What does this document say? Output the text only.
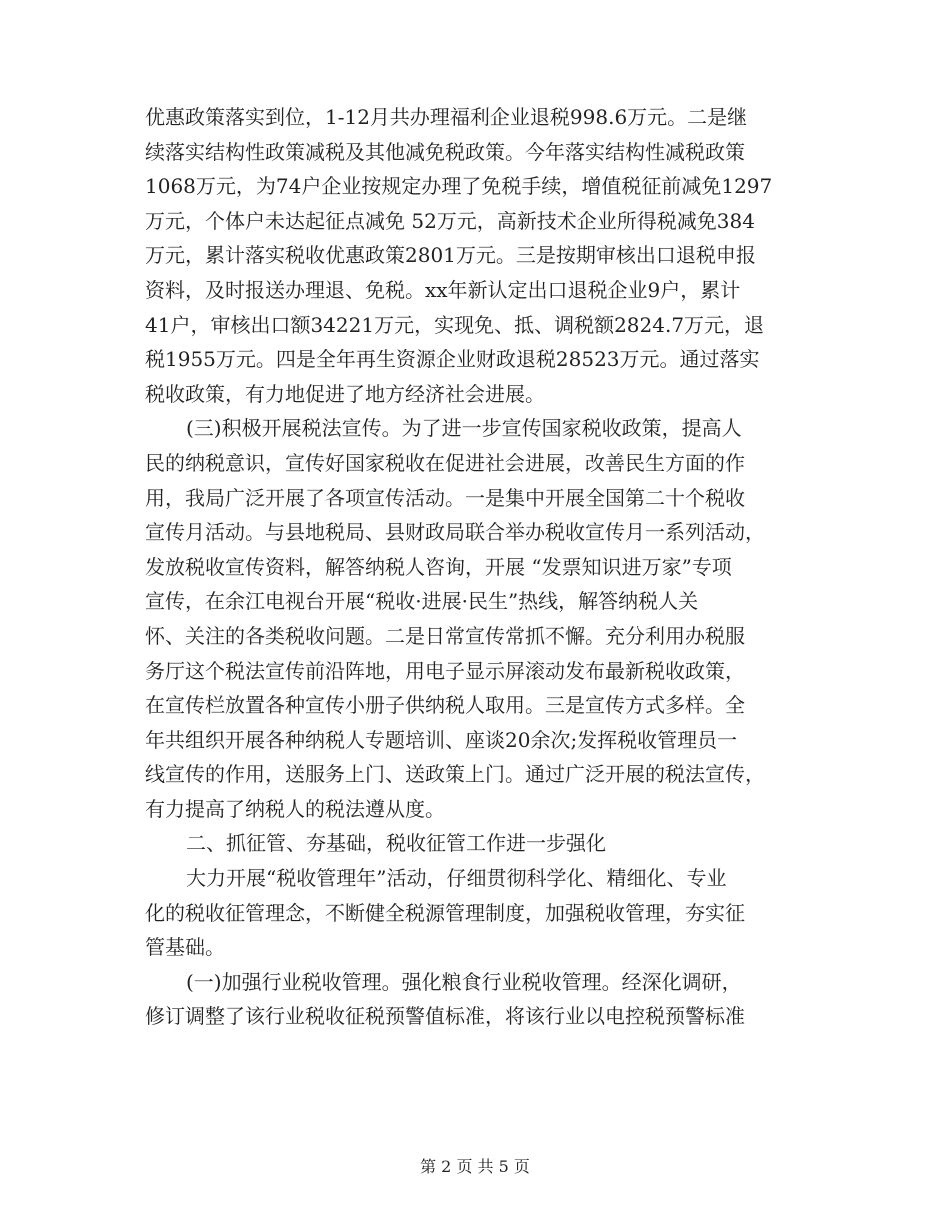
优惠政策落实到位，1-12月共办理福利企业退税998.6万元。二是继
续落实结构性政策减税及其他减免税政策。今年落实结构性减税政策
1068万元，为74户企业按规定办理了免税手续，增值税征前减免1297
万元，个体户未达起征点减免 52万元，高新技术企业所得税减免384
万元，累计落实税收优惠政策2801万元。三是按期审核出口退税申报
资料，及时报送办理退、免税。xx年新认定出口退税企业9户，累计
41户，审核出口额34221万元，实现免、抵、调税额2824.7万元，退
税1955万元。四是全年再生资源企业财政退税28523万元。通过落实
税收政策，有力地促进了地方经济社会进展。
(三)积极开展税法宣传。为了进一步宣传国家税收政策，提高人
民的纳税意识，宣传好国家税收在促进社会进展，改善民生方面的作
用，我局广泛开展了各项宣传活动。一是集中开展全国第二十个税收
宣传月活动。与县地税局、县财政局联合举办税收宣传月一系列活动，
发放税收宣传资料，解答纳税人咨询，开展 “发票知识进万家”专项
宣传，在余江电视台开展“税收·进展·民生”热线，解答纳税人关
怀、关注的各类税收问题。二是日常宣传常抓不懈。充分利用办税服
务厅这个税法宣传前沿阵地，用电子显示屏滚动发布最新税收政策，
在宣传栏放置各种宣传小册子供纳税人取用。三是宣传方式多样。全
年共组织开展各种纳税人专题培训、座谈20余次;发挥税收管理员一
线宣传的作用，送服务上门、送政策上门。通过广泛开展的税法宣传，
有力提高了纳税人的税法遵从度。
二、抓征管、夯基础，税收征管工作进一步强化
大力开展“税收管理年”活动，仔细贯彻科学化、精细化、专业
化的税收征管理念，不断健全税源管理制度，加强税收管理，夯实征
管基础。
(一)加强行业税收管理。强化粮食行业税收管理。经深化调研，
修订调整了该行业税收征税预警值标准，将该行业以电控税预警标准
第 2 页 共 5 页
